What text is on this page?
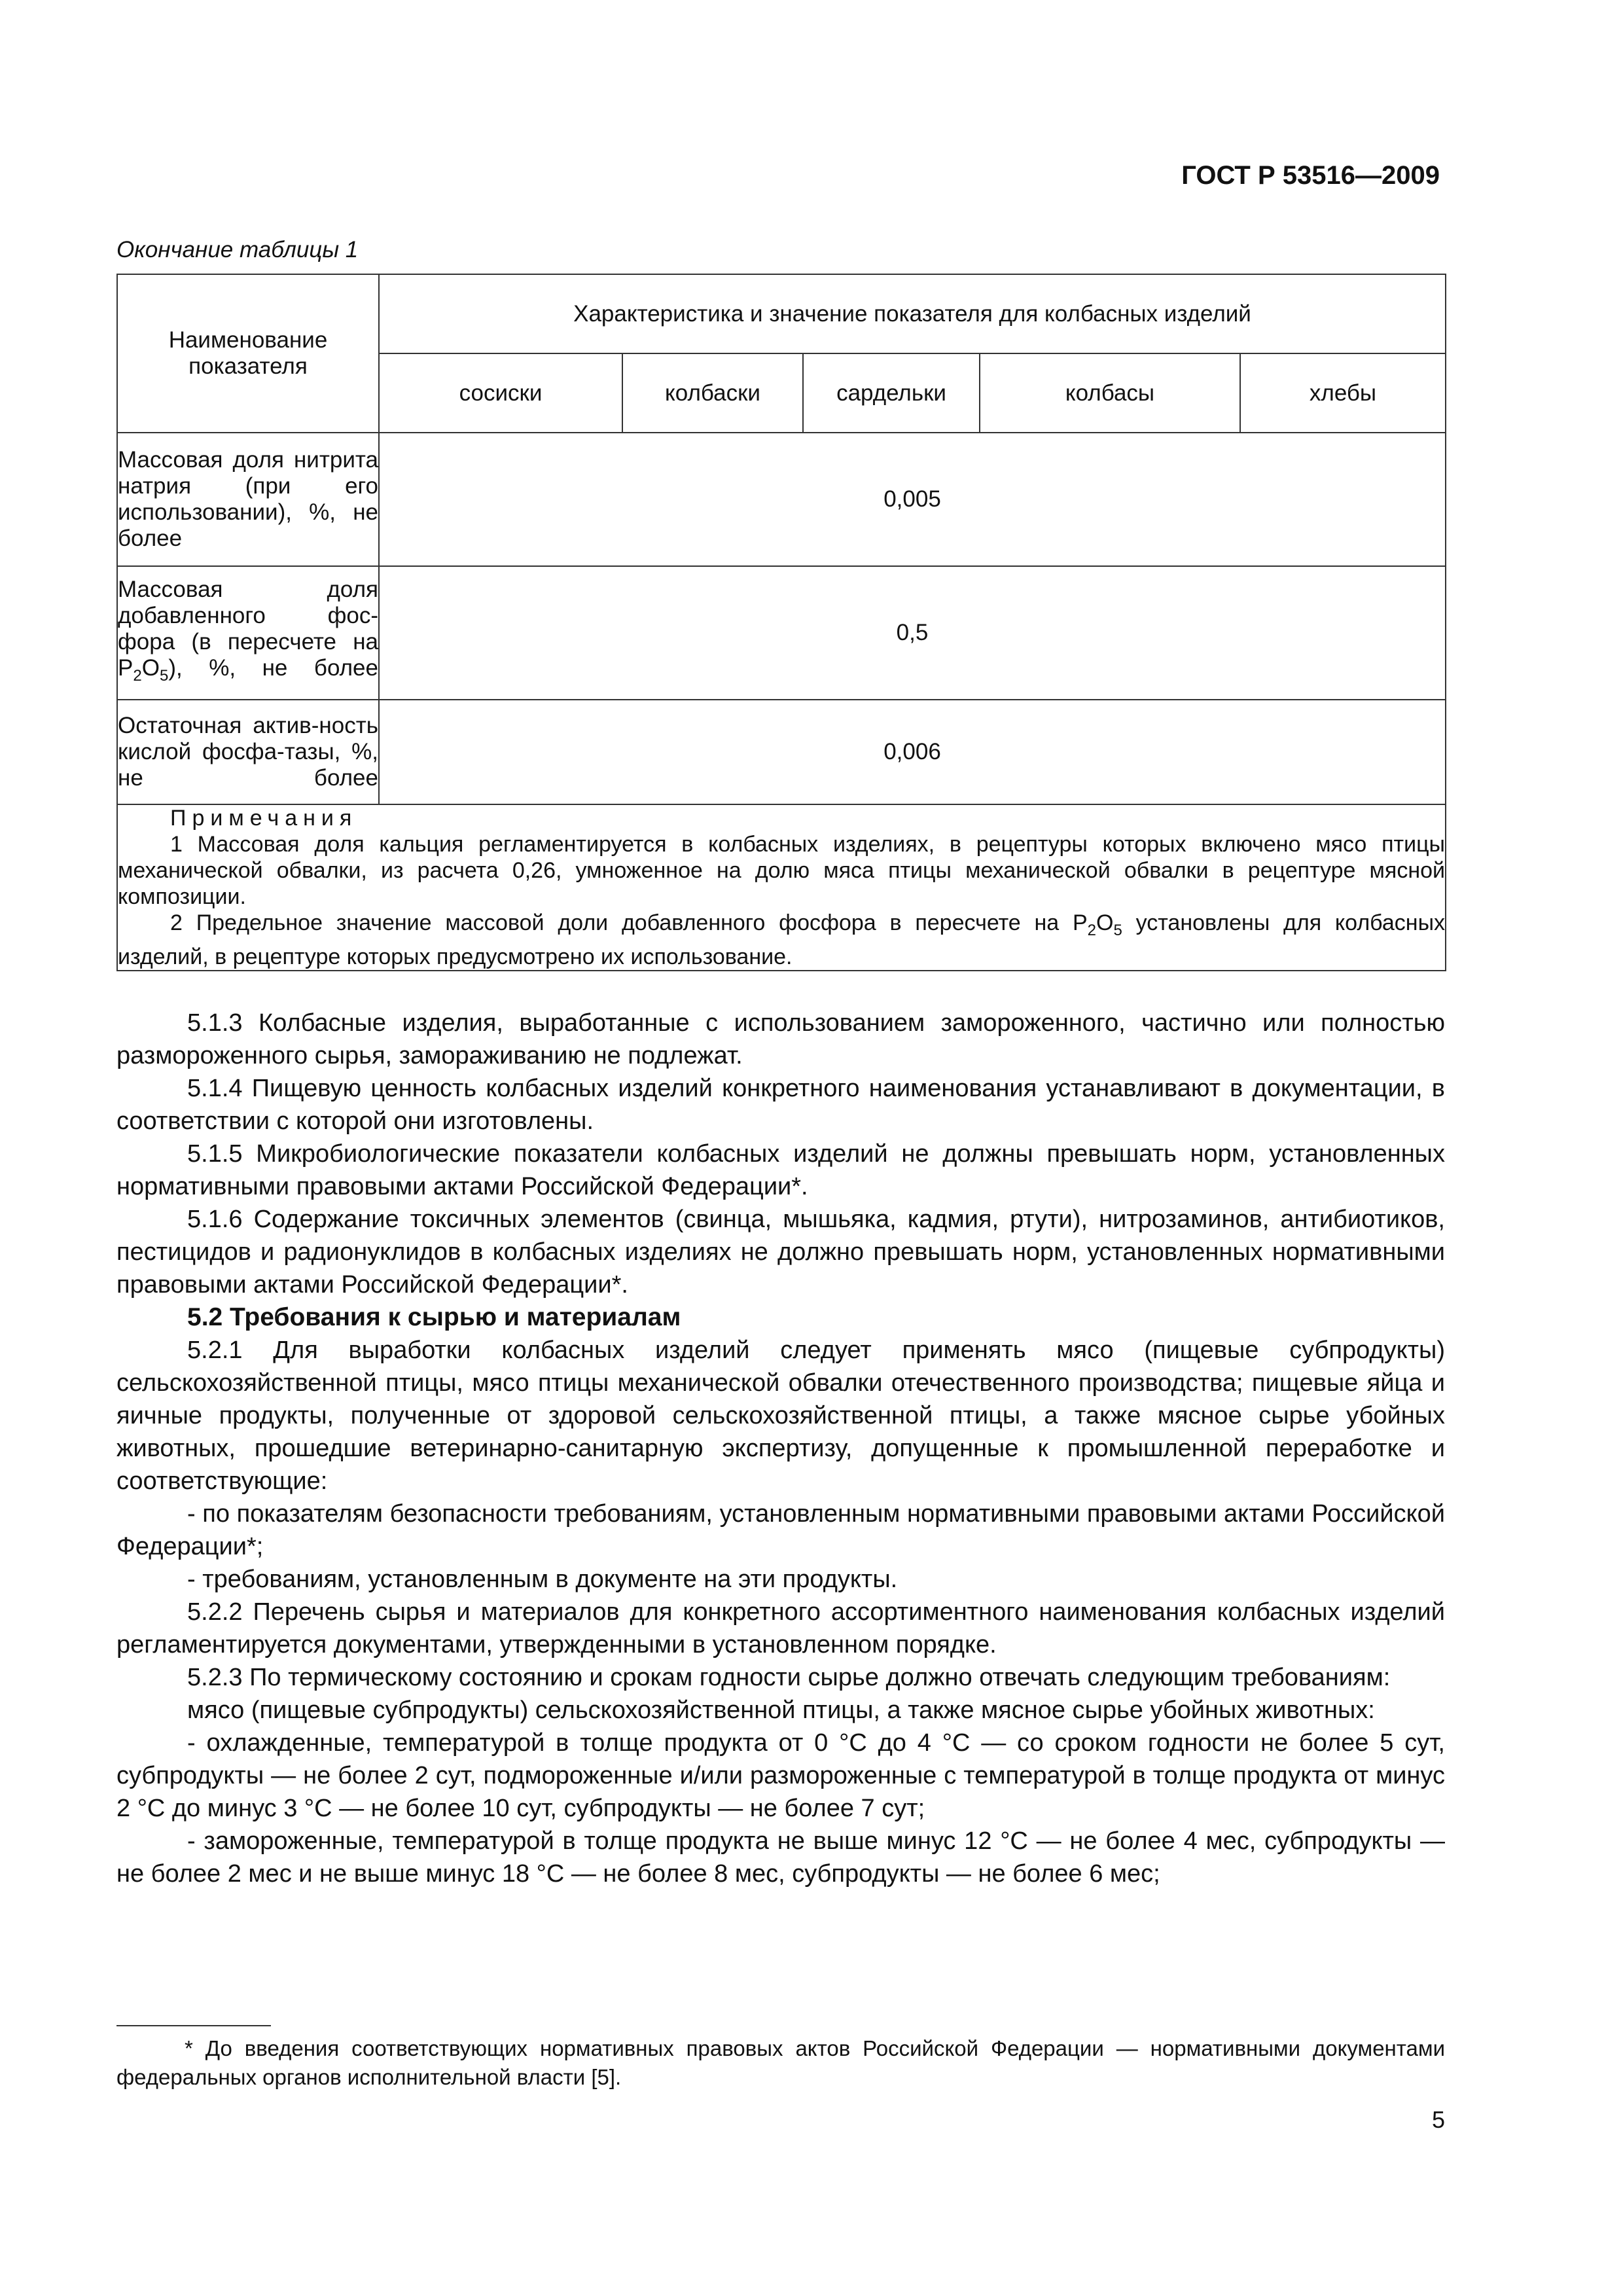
ГОСТ Р 53516—2009
Окончание таблицы 1
Наименование показателя	Характеристика и значение показателя для колбасных изделий				
	сосиски	колбаски	сардельки	колбасы	хлебы
Массовая доля нитрита натрия (при его использовании), %, не более	0,005				
Массовая доля добавленного фос-фора (в пересчете на $P_2O_5$), %, не более	0,5				
Остаточная актив-ность кислой фосфа-тазы, %, не более	0,006				

Примечания
1 Массовая доля кальция регламентируется в колбасных изделиях, в рецептуры которых включено мясо птицы механической обвалки, из расчета 0,26, умноженное на долю мяса птицы механической обвалки в рецептуре мясной композиции.
2 Предельное значение массовой доли добавленного фосфора в пересчете на $P_2O_5$ установлены для колбасных изделий, в рецептуре которых предусмотрено их использование.					

5.1.3 Колбасные изделия, выработанные с использованием замороженного, частично или полностью размороженного сырья, замораживанию не подлежат.

5.1.4 Пищевую ценность колбасных изделий конкретного наименования устанавливают в документации, в соответствии с которой они изготовлены.

5.1.5 Микробиологические показатели колбасных изделий не должны превышать норм, установленных нормативными правовыми актами Российской Федерации*.

5.1.6 Содержание токсичных элементов (свинца, мышьяка, кадмия, ртути), нитрозаминов, антибиотиков, пестицидов и радионуклидов в колбасных изделиях не должно превышать норм, установленных нормативными правовыми актами Российской Федерации*.

5.2 Требования к сырью и материалам

5.2.1 Для выработки колбасных изделий следует применять мясо (пищевые субпродукты) сельскохозяйственной птицы, мясо птицы механической обвалки отечественного производства; пищевые яйца и яичные продукты, полученные от здоровой сельскохозяйственной птицы, а также мясное сырье убойных животных, прошедшие ветеринарно-санитарную экспертизу, допущенные к промышленной переработке и соответствующие:

- по показателям безопасности требованиям, установленным нормативными правовыми актами Российской Федерации*;

- требованиям, установленным в документе на эти продукты.

5.2.2 Перечень сырья и материалов для конкретного ассортиментного наименования колбасных изделий регламентируется документами, утвержденными в установленном порядке.

5.2.3 По термическому состоянию и срокам годности сырье должно отвечать следующим требованиям:

мясо (пищевые субпродукты) сельскохозяйственной птицы, а также мясное сырье убойных животных:

- охлажденные, температурой в толще продукта от 0 °С до 4 °С — со сроком годности не более 5 сут, субпродукты — не более 2 сут, подмороженные и/или размороженные с температурой в толще продукта от минус 2 °С до минус 3 °С — не более 10 сут, субпродукты — не более 7 сут;

- замороженные, температурой в толще продукта не выше минус 12 °С — не более 4 мес, субпродукты — не более 2 мес и не выше минус 18 °С — не более 8 мес, субпродукты — не более 6 мес;

* До введения соответствующих нормативных правовых актов Российской Федерации — нормативными документами федеральных органов исполнительной власти [5].
5
